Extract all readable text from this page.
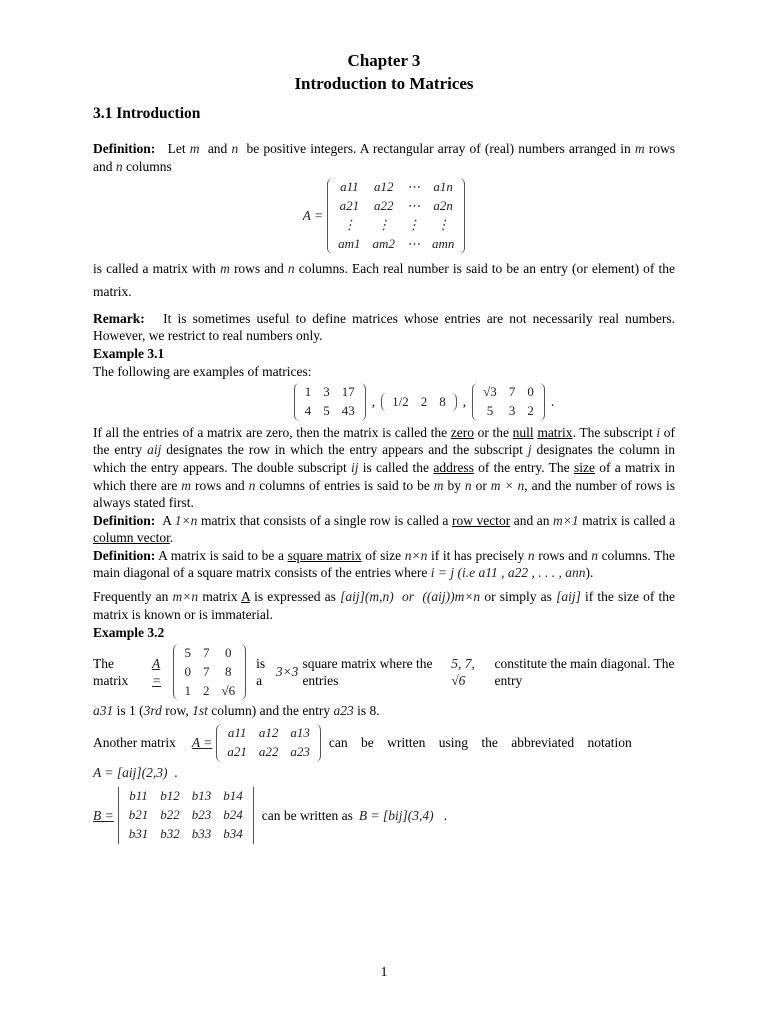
Chapter 3
Introduction to Matrices
3.1 Introduction

Definition: Let m and n be positive integers. A rectangular array of (real) numbers arranged in m rows and n columns

A =
a11	a12	⋯	a1n
a21	a22	⋯	a2n
⋮	⋮	⋮	⋮
am1	am2	⋯	amn

is called a matrix with m rows and n columns. Each real number is said to be an entry (or element) of the matrix.

Remark: It is sometimes useful to define matrices whose entries are not necessarily real numbers. However, we restrict to real numbers only.

Example 3.1
The following are examples of matrices:
1	3	17
4	5	43
, 1/2	2	8 ,
√3	7	0
5	3	2
.

If all the entries of a matrix are zero, then the matrix is called the zero or the null matrix. The subscript i of the entry aij designates the row in which the entry appears and the subscript j designates the column in which the entry appears. The double subscript ij is called the address of the entry. The size of a matrix in which there are m rows and n columns of entries is said to be m by n or m × n, and the number of rows is always stated first.

Definition: A 1×n matrix that consists of a single row is called a row vector and an m×1 matrix is called a column vector.

Definition: A matrix is said to be a square matrix of size n×n if it has precisely n rows and n columns. The main diagonal of a square matrix consists of the entries where i = j (i.e a11 , a22 , . . . , ann).

Frequently an m×n matrix A is expressed as [aij](m,n) or ((aij))m×n or simply as [aij] if the size of the matrix is known or is immaterial.

Example 3.2
The matrix
A =
5	7	0
0	7	8
1	2	√6
is a
3×3
square matrix where the entries
5, 7, √6
constitute the main diagonal. The entry

a31 is 1 (3rd row, 1st column) and the entry a23 is 8.

Another matrix A =
a11	a12	a13
a21	a22	a23
can be written using the abbreviated notation
A = [aij](2,3) .
B =
b11	b12	b13	b14
b21	b22	b23	b24
b31	b32	b33	b34
can be written as B = [bij](3,4) .
1
